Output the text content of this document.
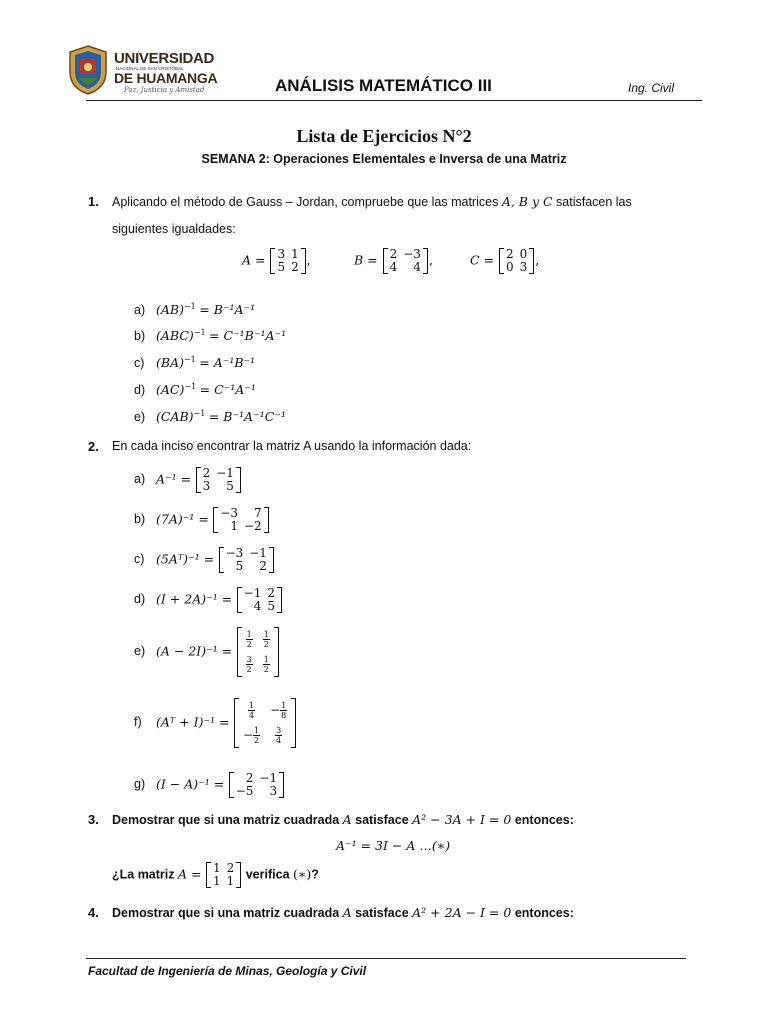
UNIVERSIDAD
NACIONAL DE SAN CRISTÓBAL
DE HUAMANGA
Paz, Justicia y Amistad	ANÁLISIS MATEMÁTICO III	Ing. Civil
Lista de Ejercicios N°2
SEMANA 2: Operaciones Elementales e Inversa de una Matriz
1. Aplicando el método de Gauss – Jordan, compruebe que las matrices A, B y C satisfacen las
siguientes igualdades:
A = 3	1
5	2 ,	B = 2	−3
4	4 ,	C = 2	0
0	3 ,
a) (AB)$^{-1}$ = B⁻¹A⁻¹
b) (ABC)$^{-1}$ = C⁻¹B⁻¹A⁻¹
c) (BA)$^{-1}$ = A⁻¹B⁻¹
d) (AC)$^{-1}$ = C⁻¹A⁻¹
e) (CAB)$^{-1}$ = B⁻¹A⁻¹C⁻¹
2. En cada inciso encontrar la matriz A usando la información dada:
a) A⁻¹ = 2	−1
3	5
b) (7A)⁻¹ = −3	7
1	−2
c) (5Aᵀ)⁻¹ = −3	−1
5	2
d) (I + 2A)⁻¹ = −1	2
4	5
e) (A − 2I)⁻¹ =
$\frac{1}{2}$	$\frac{1}{2}$

$\frac{3}{2}$	$\frac{1}{2}$
f) (Aᵀ + I)⁻¹ =
$\frac{1}{4}$	− $\frac{1}{8}$

− $\frac{1}{2}$	$\frac{3}{4}$
g) (I − A)⁻¹ = 2	−1
−5	3
3. Demostrar que si una matriz cuadrada A satisface A² − 3A + I = 0 entonces:
A⁻¹ = 3I − A …(∗)
¿La matriz A = 1	2
1	1 verifica (∗)?
4. Demostrar que si una matriz cuadrada A satisface A² + 2A − I = 0 entonces:
Facultad de Ingeniería de Minas, Geología y Civil
